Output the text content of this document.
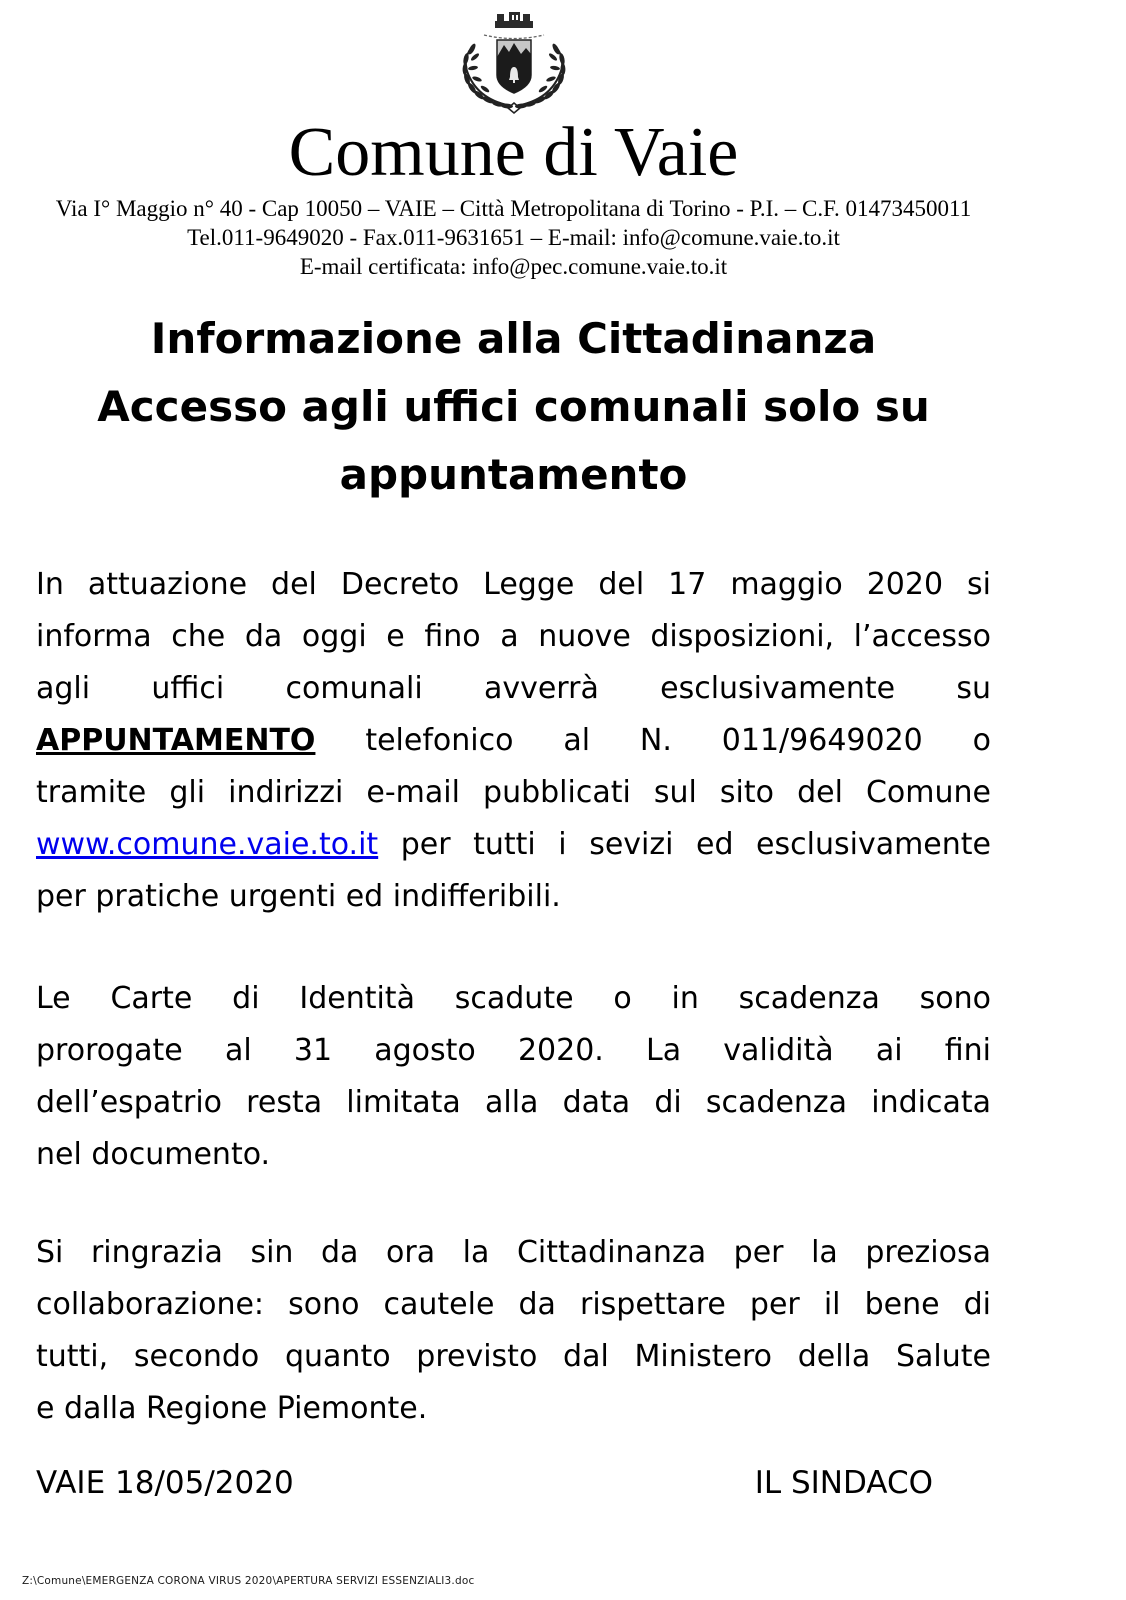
Comune di Vaie
Via I° Maggio n° 40 - Cap 10050 – VAIE – Città Metropolitana di Torino - P.I. – C.F. 01473450011
Tel.011-9649020 - Fax.011-9631651 – E-mail: info@comune.vaie.to.it
E-mail certificata: info@pec.comune.vaie.to.it
Informazione alla Cittadinanza
Accesso agli uffici comunali solo su
appuntamento
In attuazione del Decreto Legge del 17 maggio 2020 si
informa che da oggi e fino a nuove disposizioni, l’accesso
agli uffici comunali avverrà esclusivamente su
APPUNTAMENTO telefonico al N. 011/9649020 o
tramite gli indirizzi e-mail pubblicati sul sito del Comune
www.comune.vaie.to.it per tutti i sevizi ed esclusivamente
per pratiche urgenti ed indifferibili.
Le Carte di Identità scadute o in scadenza sono
prorogate al 31 agosto 2020. La validità ai fini
dell’espatrio resta limitata alla data di scadenza indicata
nel documento.
Si ringrazia sin da ora la Cittadinanza per la preziosa
collaborazione: sono cautele da rispettare per il bene di
tutti, secondo quanto previsto dal Ministero della Salute
e dalla Regione Piemonte.
VAIE 18/05/2020	IL SINDACO
Z:\Comune\EMERGENZA CORONA VIRUS 2020\APERTURA SERVIZI ESSENZIALI3.doc
